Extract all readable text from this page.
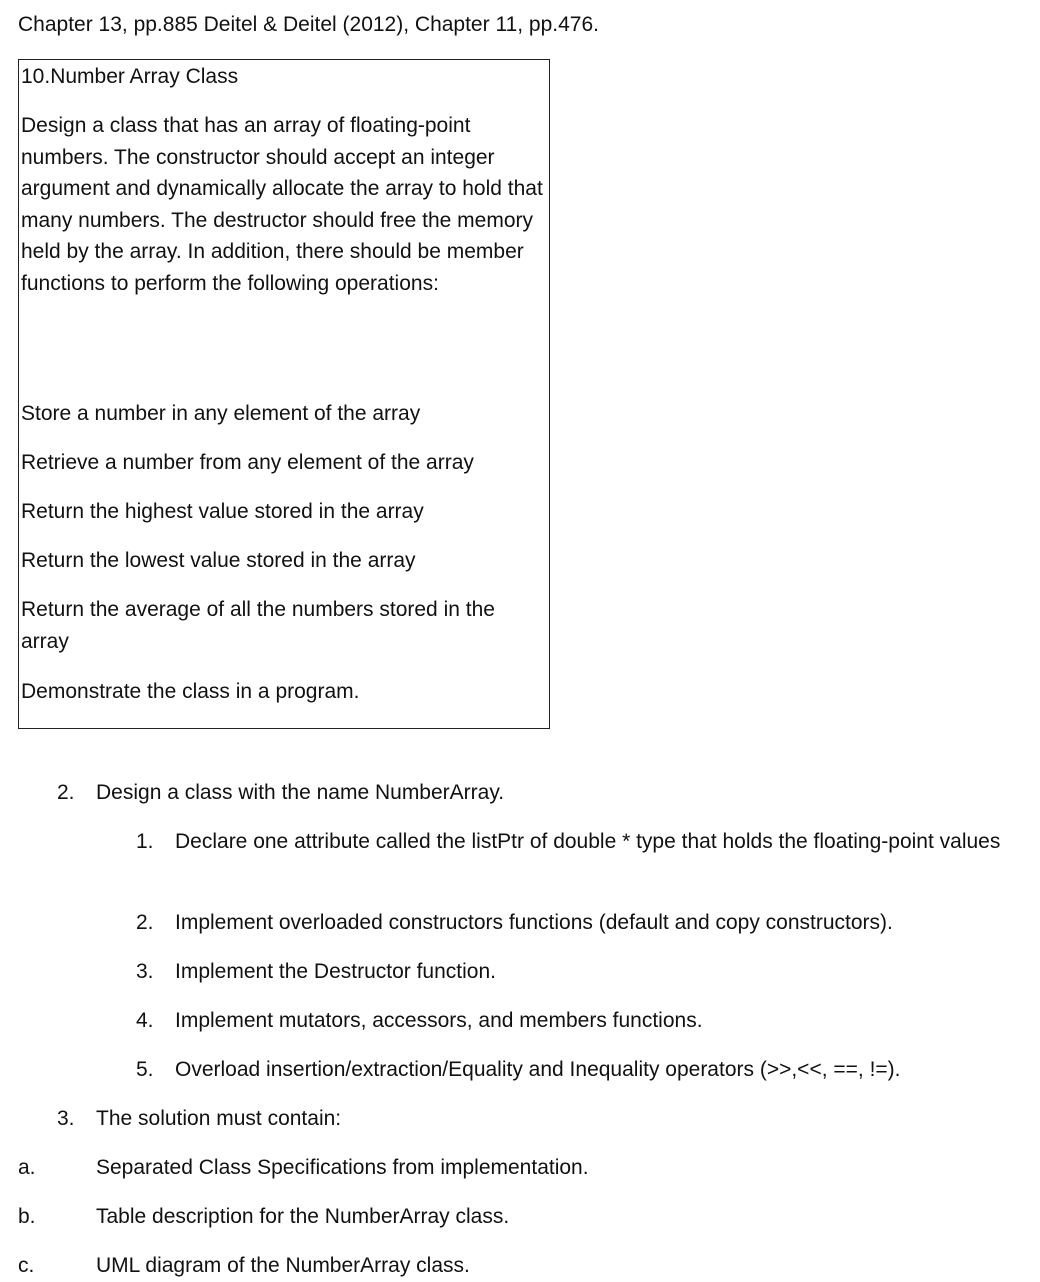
Chapter 13, pp.885 Deitel & Deitel (2012), Chapter 11, pp.476.
10.Number Array Class
Design a class that has an array of floating-point numbers. The constructor should accept an integer argument and dynamically allocate the array to hold that many numbers. The destructor should free the memory held by the array. In addition, there should be member functions to perform the following operations:
Store a number in any element of the array
Retrieve a number from any element of the array
Return the highest value stored in the array
Return the lowest value stored in the array
Return the average of all the numbers stored in the array
Demonstrate the class in a program.
2. Design a class with the name NumberArray.
1. Declare one attribute called the listPtr of double * type that holds the floating-point values
2. Implement overloaded constructors functions (default and copy constructors).
3. Implement the Destructor function.
4. Implement mutators, accessors, and members functions.
5. Overload insertion/extraction/Equality and Inequality operators (>>,<<, ==, !=).
3. The solution must contain:
a.	Separated Class Specifications from implementation.
b.	Table description for the NumberArray class.
c.	UML diagram of the NumberArray class.
